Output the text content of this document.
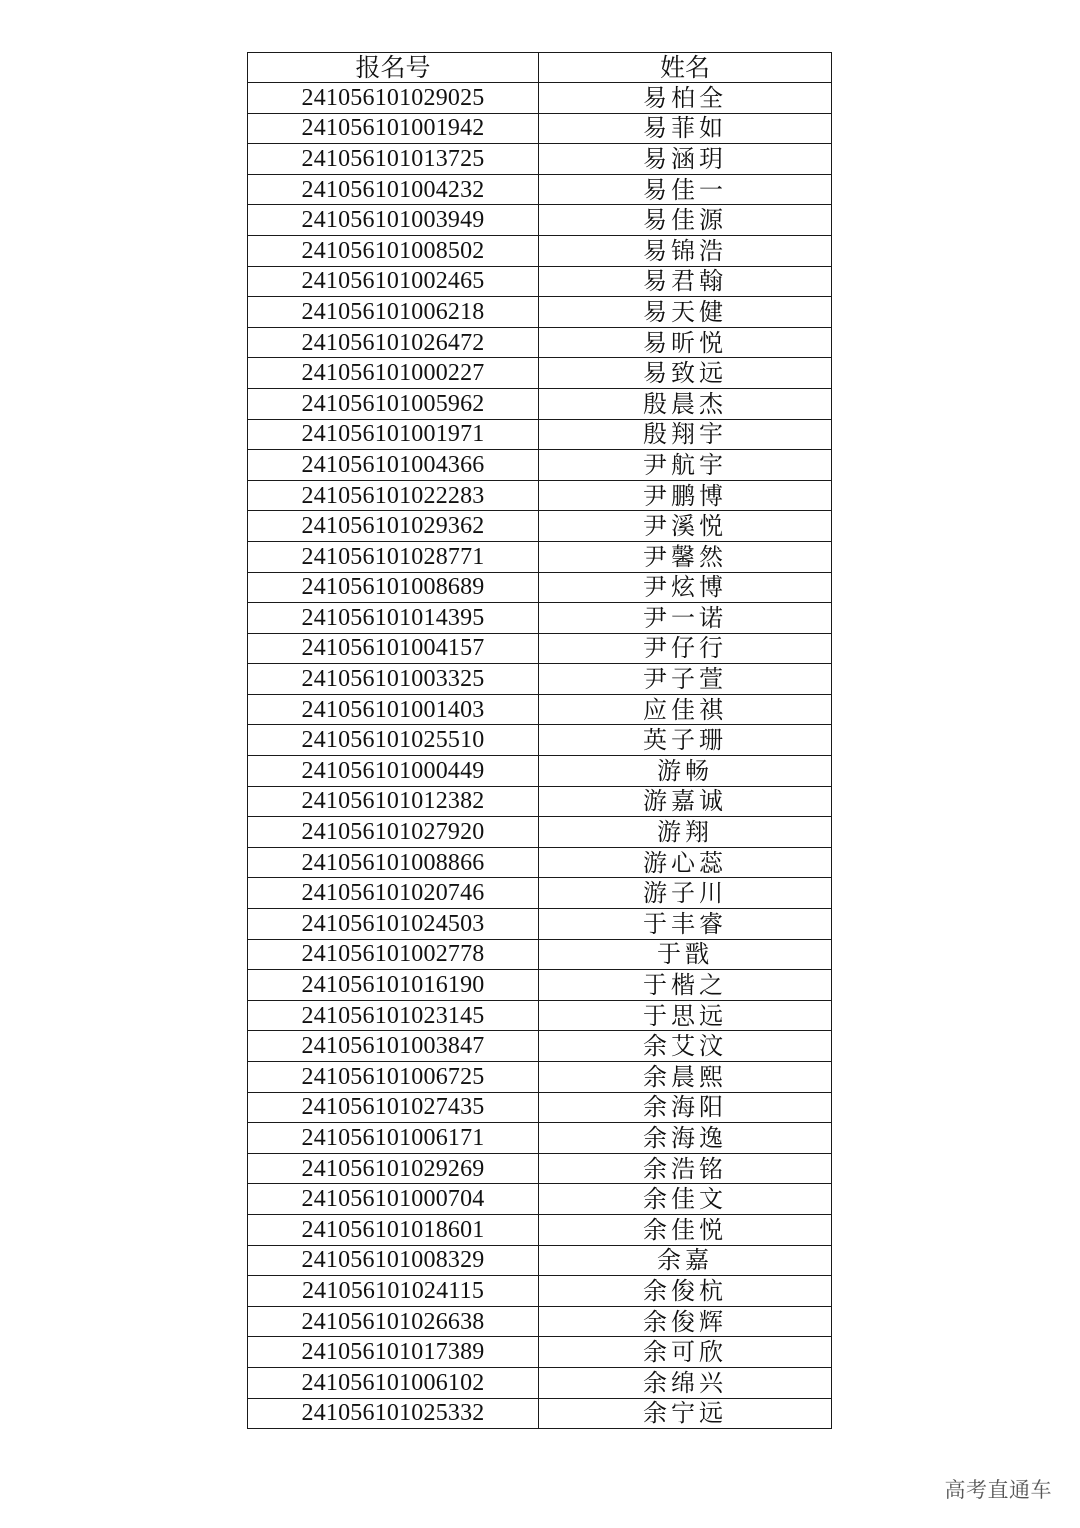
报名号	姓名
241056101029025	易柏全
241056101001942	易菲如
241056101013725	易涵玥
241056101004232	易佳一
241056101003949	易佳源
241056101008502	易锦浩
241056101002465	易君翰
241056101006218	易天健
241056101026472	易昕悦
241056101000227	易致远
241056101005962	殷晨杰
241056101001971	殷翔宇
241056101004366	尹航宇
241056101022283	尹鹏博
241056101029362	尹溪悦
241056101028771	尹馨然
241056101008689	尹炫博
241056101014395	尹一诺
241056101004157	尹仔行
241056101003325	尹子萱
241056101001403	应佳祺
241056101025510	英子珊
241056101000449	游畅
241056101012382	游嘉诚
241056101027920	游翔
241056101008866	游心蕊
241056101020746	游子川
241056101024503	于丰睿
241056101002778	于戬
241056101016190	于楷之
241056101023145	于思远
241056101003847	余艾汶
241056101006725	余晨熙
241056101027435	余海阳
241056101006171	余海逸
241056101029269	余浩铭
241056101000704	余佳文
241056101018601	余佳悦
241056101008329	余嘉
241056101024115	余俊杭
241056101026638	余俊辉
241056101017389	余可欣
241056101006102	余绵兴
241056101025332	余宁远
高考直通车
